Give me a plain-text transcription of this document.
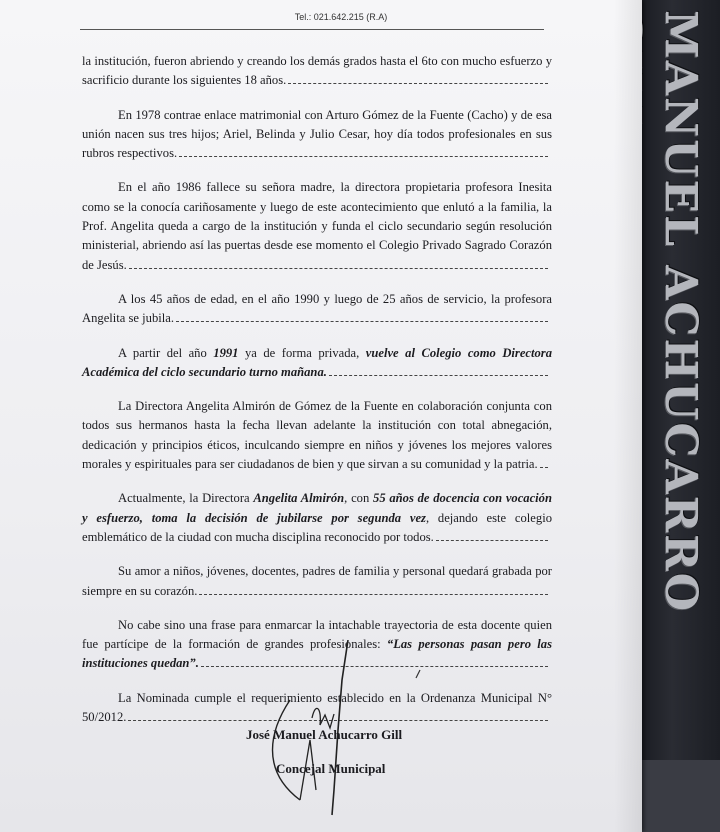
MANUEL ACHUCARRO
Tel.: 021.642.215 (R.A)

la institución, fueron abriendo y creando los demás grados hasta el 6to con mucho esfuerzo y sacrificio durante los siguientes 18 años.

En 1978 contrae enlace matrimonial con Arturo Gómez de la Fuente (Cacho) y de esa unión nacen sus tres hijos; Ariel, Belinda y Julio Cesar, hoy día todos profesionales en sus rubros respectivos.

En el año 1986 fallece su señora madre, la directora propietaria profesora Inesita como se la conocía cariñosamente y luego de este acontecimiento que enlutó a la familia, la Prof. Angelita queda a cargo de la institución y funda el ciclo secundario según resolución ministerial, abriendo así las puertas desde ese momento el Colegio Privado Sagrado Corazón de Jesús.

A los 45 años de edad, en el año 1990 y luego de 25 años de servicio, la profesora Angelita se jubila.

A partir del año 1991 ya de forma privada, vuelve al Colegio como Directora Académica del ciclo secundario turno mañana.

La Directora Angelita Almirón de Gómez de la Fuente en colaboración conjunta con todos sus hermanos hasta la fecha llevan adelante la institución con total abnegación, dedicación y principios éticos, inculcando siempre en niños y jóvenes los mejores valores morales y espirituales para ser ciudadanos de bien y que sirvan a su comunidad y la patria.

Actualmente, la Directora Angelita Almirón, con 55 años de docencia con vocación y esfuerzo, toma la decisión de jubilarse por segunda vez, dejando este colegio emblemático de la ciudad con mucha disciplina reconocido por todos.

Su amor a niños, jóvenes, docentes, padres de familia y personal quedará grabada por siempre en su corazón.

No cabe sino una frase para enmarcar la intachable trayectoria de esta docente quien fue partícipe de la formación de grandes profesionales: “Las personas pasan pero las instituciones quedan”.

La Nominada cumple el requerimiento establecido en la Ordenanza Municipal N° 50/2012.

José Manuel Achucarro Gill
Concejal Municipal
